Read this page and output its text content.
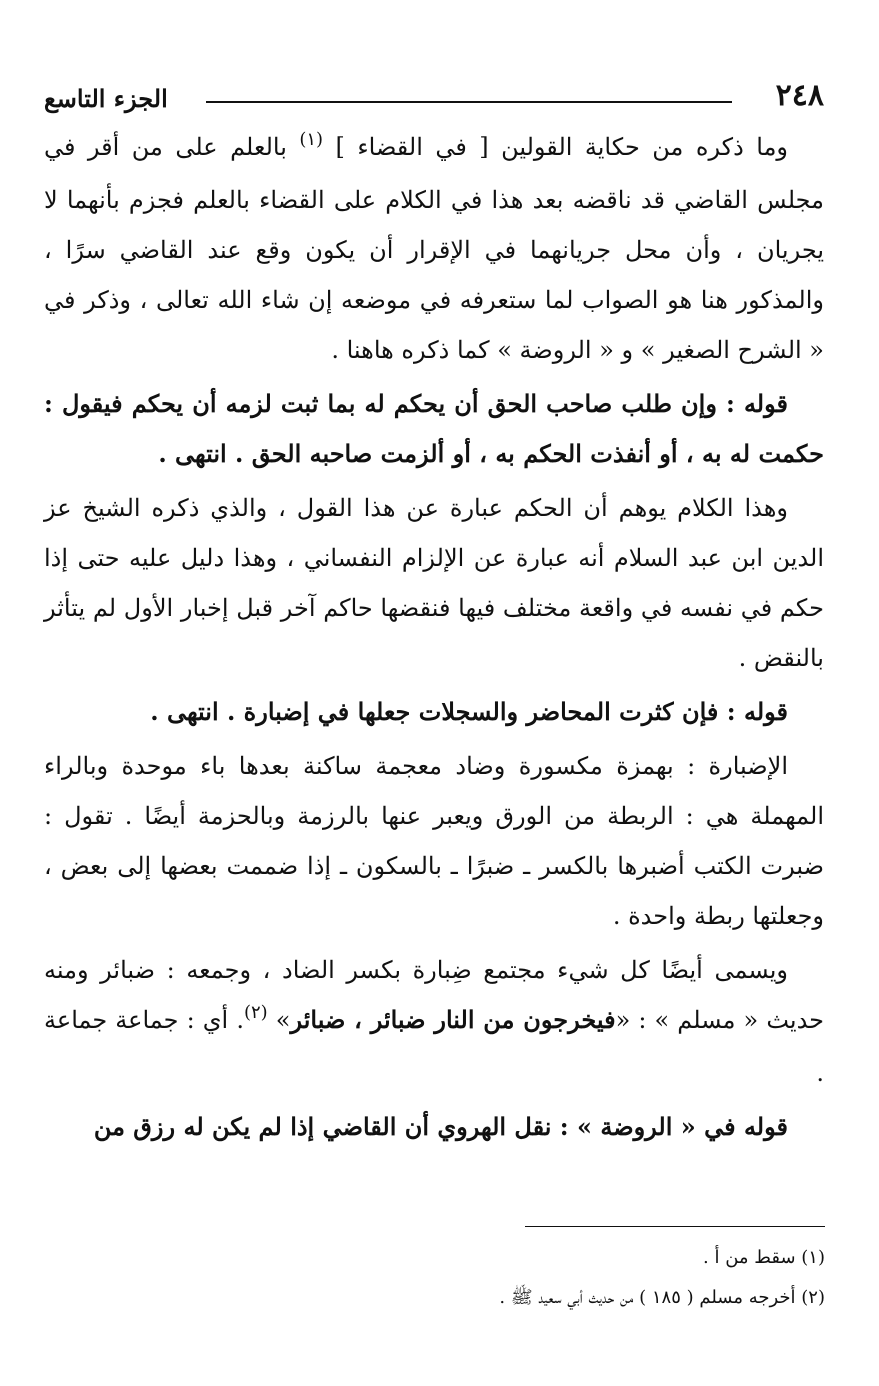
٢٤٨
الجزء التاسع

وما ذكره من حكاية القولين [ في القضاء ] $^{(١)}$ بالعلم على من أقر في مجلس القاضي قد ناقضه بعد هذا في الكلام على القضاء بالعلم فجزم بأنهما لا يجريان ، وأن محل جريانهما في الإقرار أن يكون وقع عند القاضي سرًا ، والمذكور هنا هو الصواب لما ستعرفه في موضعه إن شاء الله تعالى ، وذكر في « الشرح الصغير » و « الروضة » كما ذكره هاهنا .

قوله : وإن طلب صاحب الحق أن يحكم له بما ثبت لزمه أن يحكم فيقول : حكمت له به ، أو أنفذت الحكم به ، أو ألزمت صاحبه الحق . انتهى .

وهذا الكلام يوهم أن الحكم عبارة عن هذا القول ، والذي ذكره الشيخ عز الدين ابن عبد السلام أنه عبارة عن الإلزام النفساني ، وهذا دليل عليه حتى إذا حكم في نفسه في واقعة مختلف فيها فنقضها حاكم آخر قبل إخبار الأول لم يتأثر بالنقض .

قوله : فإن كثرت المحاضر والسجلات جعلها في إضبارة . انتهى .

الإضبارة : بهمزة مكسورة وضاد معجمة ساكنة بعدها باء موحدة وبالراء المهملة هي : الربطة من الورق ويعبر عنها بالرزمة وبالحزمة أيضًا . تقول : ضبرت الكتب أضبرها بالكسر ـ ضبرًا ـ بالسكون ـ إذا ضممت بعضها إلى بعض ، وجعلتها ربطة واحدة .

ويسمى أيضًا كل شيء مجتمع ضِبارة بكسر الضاد ، وجمعه : ضبائر ومنه حديث « مسلم » : «فيخرجون من النار ضبائر ، ضبائر» $^{(٢)}$. أي : جماعة جماعة .

قوله في « الروضة » : نقل الهروي أن القاضي إذا لم يكن له رزق من

(١) سقط من أ .

(٢) أخرجه مسلم ( ١٨٥ ) من حديث أبي سعيد ﷺ .
